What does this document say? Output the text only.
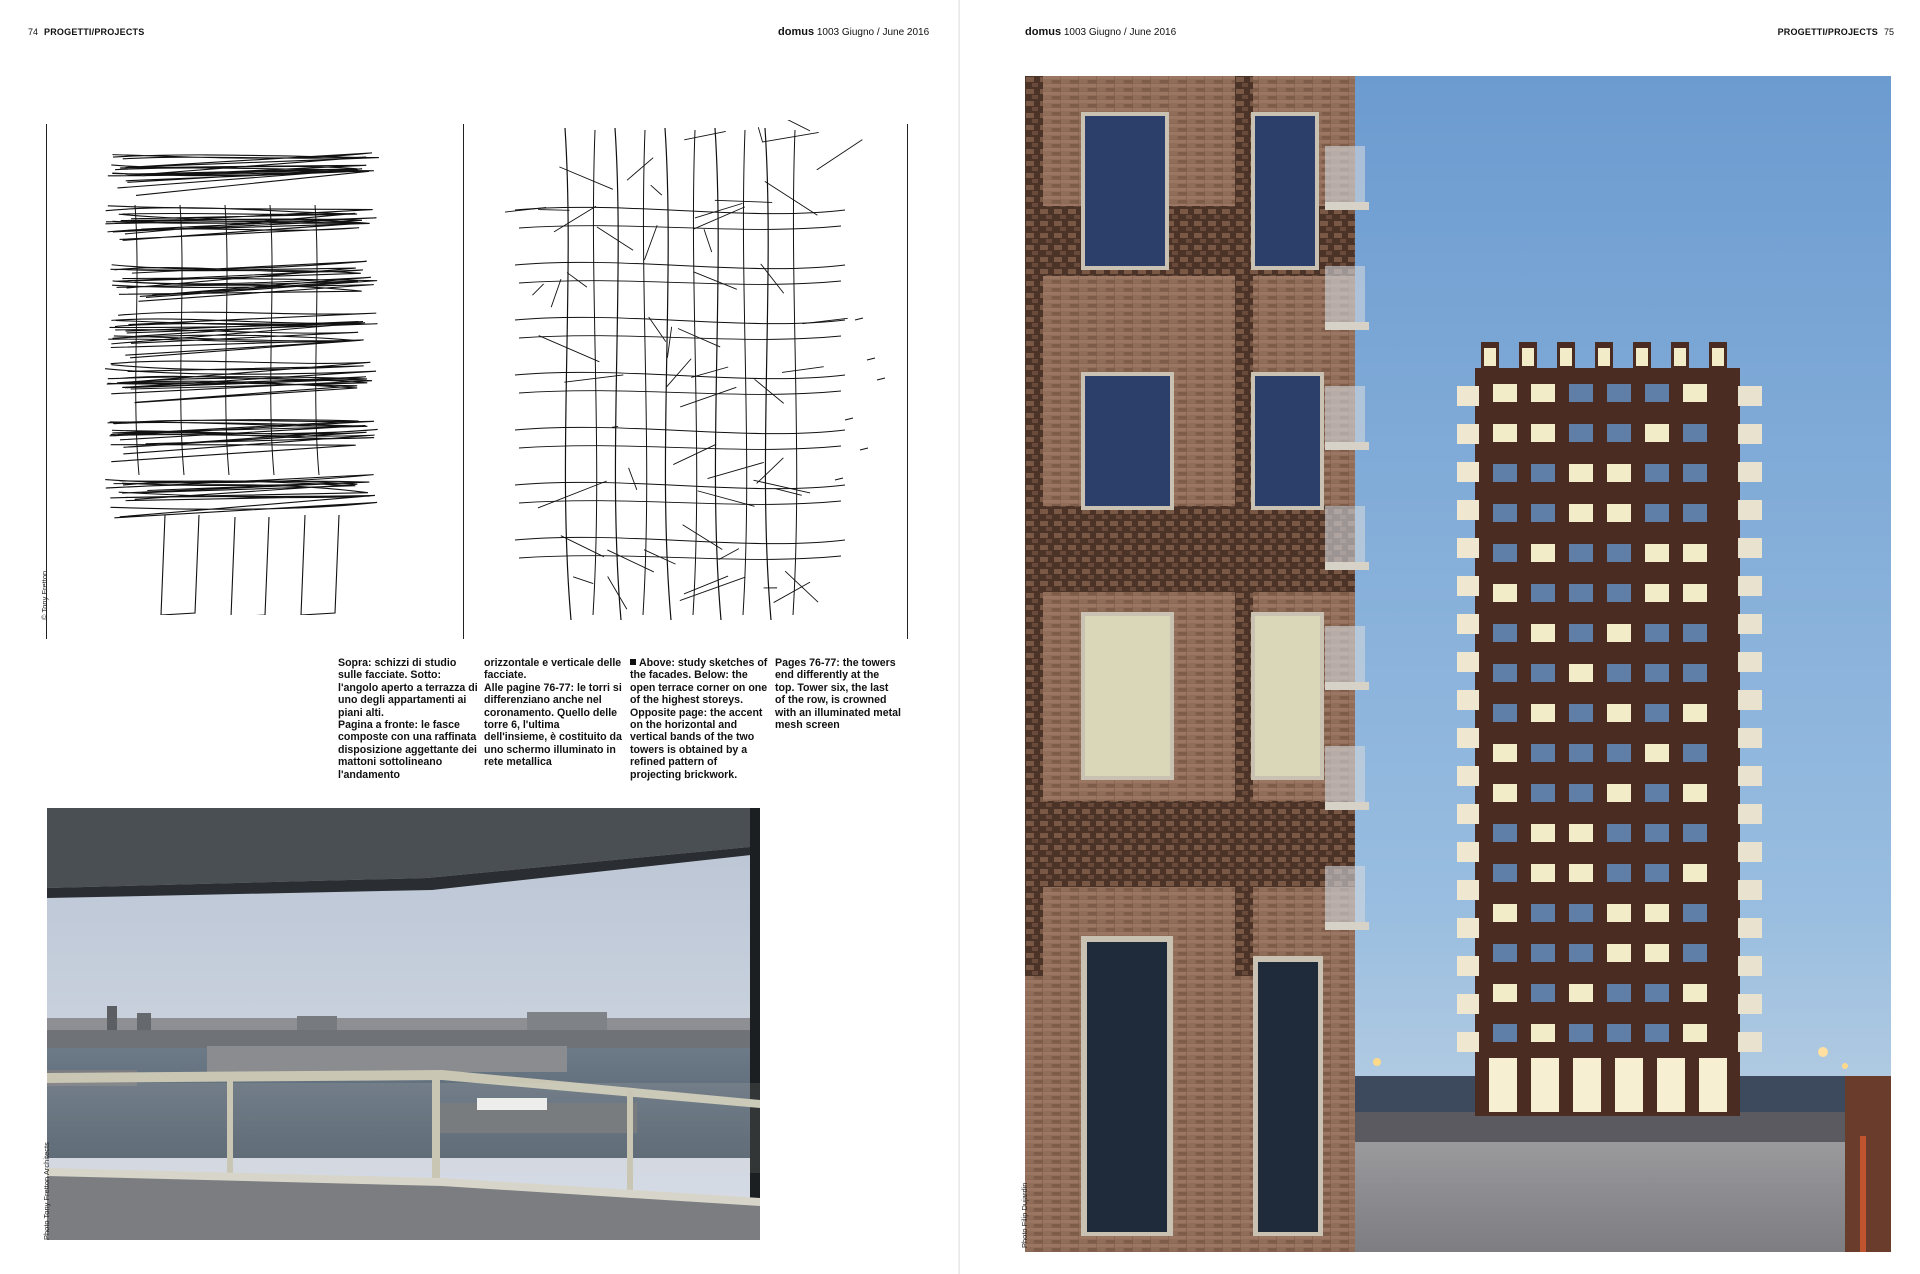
74 PROGETTI/PROJECTS	domus 1003 Giugno / June 2016
© Tony Fretton
Sopra: schizzi di studio sulle facciate. Sotto: l'angolo aperto a terrazza di uno degli appartamenti ai piani alti.
Pagina a fronte: le fasce composte con una raffinata disposizione aggettante dei mattoni sottolineano l'andamento
orizzontale e verticale delle facciate.
Alle pagine 76-77: le torri si differenziano anche nel coronamento. Quello delle torre 6, l'ultima dell'insieme, è costituito da uno schermo illuminato in rete metallica
Above: study sketches of the facades. Below: the open terrace corner on one of the highest storeys. Opposite page: the accent on the horizontal and vertical bands of the two towers is obtained by a refined pattern of projecting brickwork.
Pages 76-77: the towers end differently at the top. Tower six, the last of the row, is crowned with an illuminated metal mesh screen
Photo Tony Fretton Architects
domus 1003 Giugno / June 2016	PROGETTI/PROJECTS 75
Photo Filip Dujardin
